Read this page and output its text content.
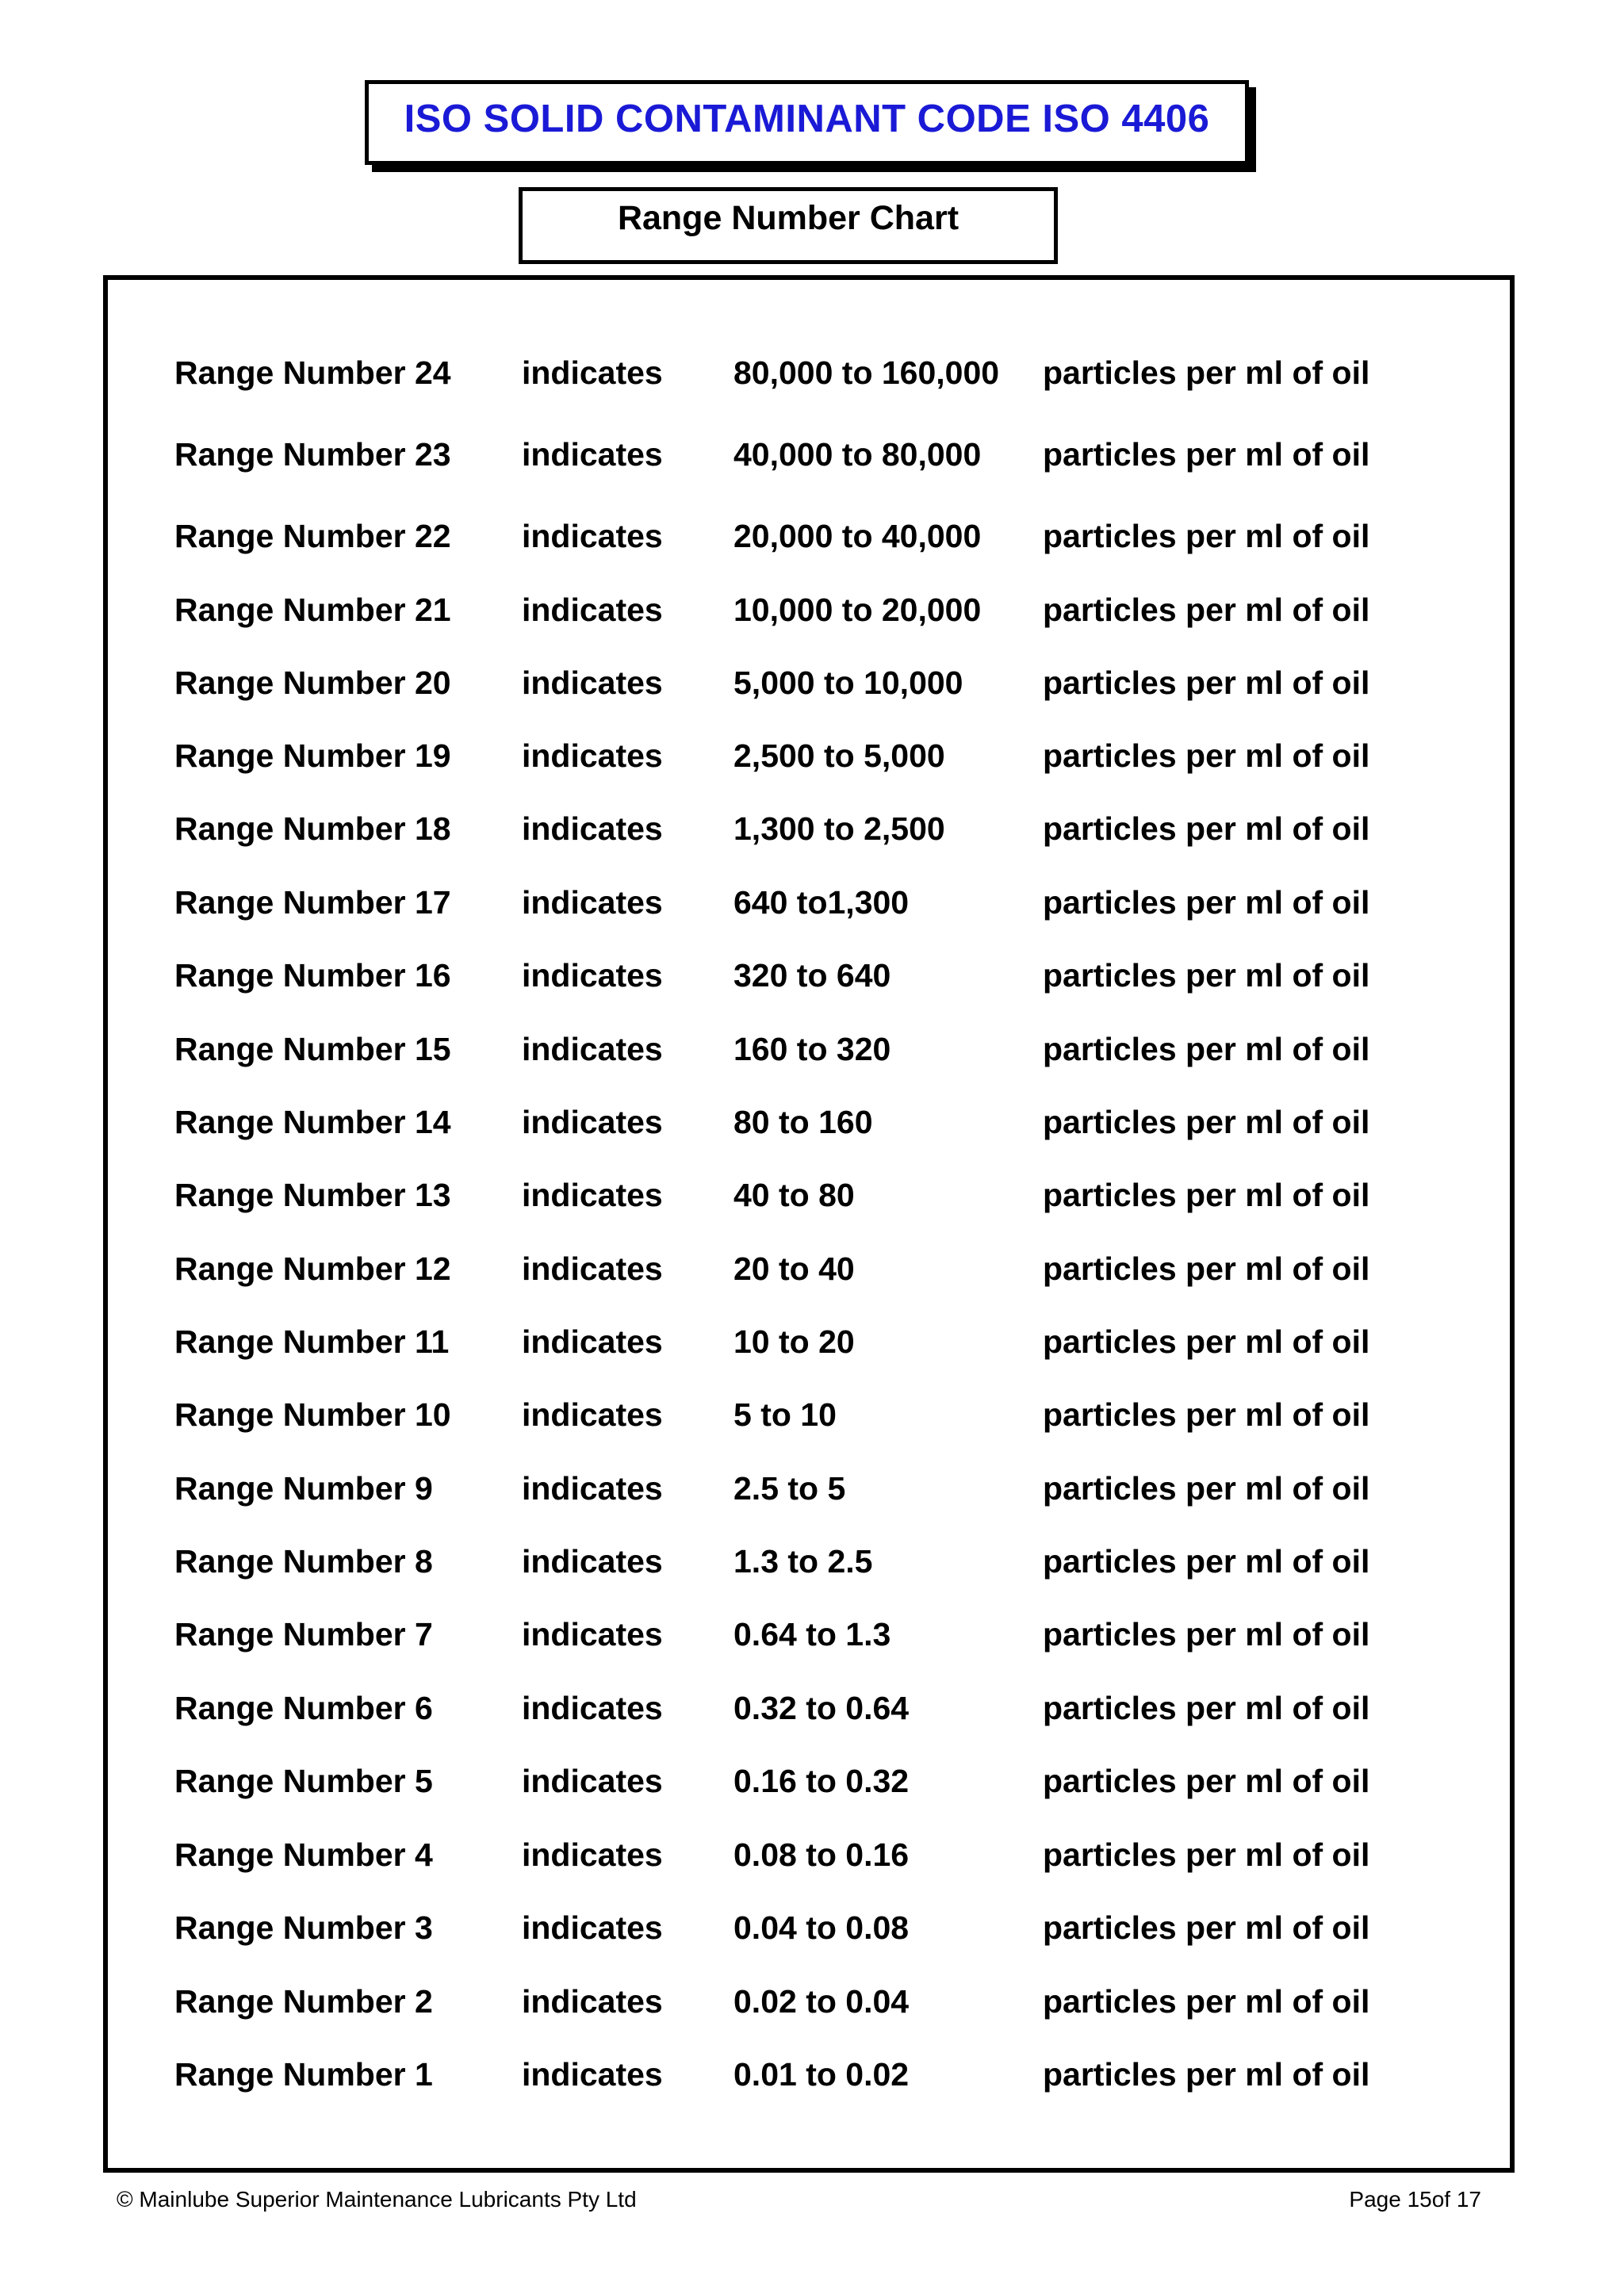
ISO SOLID CONTAMINANT CODE ISO 4406
Range Number Chart
Range Number 24 indicates 80,000 to 160,000 particles per ml of oil
Range Number 23 indicates 40,000 to 80,000 particles per ml of oil
Range Number 22 indicates 20,000 to 40,000 particles per ml of oil
Range Number 21 indicates 10,000 to 20,000 particles per ml of oil
Range Number 20 indicates 5,000 to 10,000 particles per ml of oil
Range Number 19 indicates 2,500 to 5,000	particles per ml of oil
Range Number 18 indicates 1,300 to 2,500	particles per ml of oil
Range Number 17 indicates 640 to1,300	particles per ml of oil
Range Number 16 indicates 320 to 640	particles per ml of oil
Range Number 15 indicates 160 to 320	particles per ml of oil
Range Number 14 indicates 80 to 160	particles per ml of oil
Range Number 13 indicates 40 to 80	particles per ml of oil
Range Number 12 indicates 20 to 40	particles per ml of oil
Range Number 11 indicates 10 to 20	particles per ml of oil
Range Number 10 indicates 5 to 10	particles per ml of oil
Range Number 9	indicates 2.5 to 5	particles per ml of oil
Range Number 8	indicates 1.3 to 2.5	particles per ml of oil
Range Number 7	indicates 0.64 to 1.3	particles per ml of oil
Range Number 6	indicates 0.32 to 0.64	particles per ml of oil
Range Number 5	indicates 0.16 to 0.32	particles per ml of oil
Range Number 4	indicates 0.08 to 0.16	particles per ml of oil
Range Number 3	indicates 0.04 to 0.08	particles per ml of oil
Range Number 2	indicates 0.02 to 0.04	particles per ml of oil
Range Number 1	indicates 0.01 to 0.02	particles per ml of oil
© Mainlube Superior Maintenance Lubricants Pty Ltd	Page 15of 17
